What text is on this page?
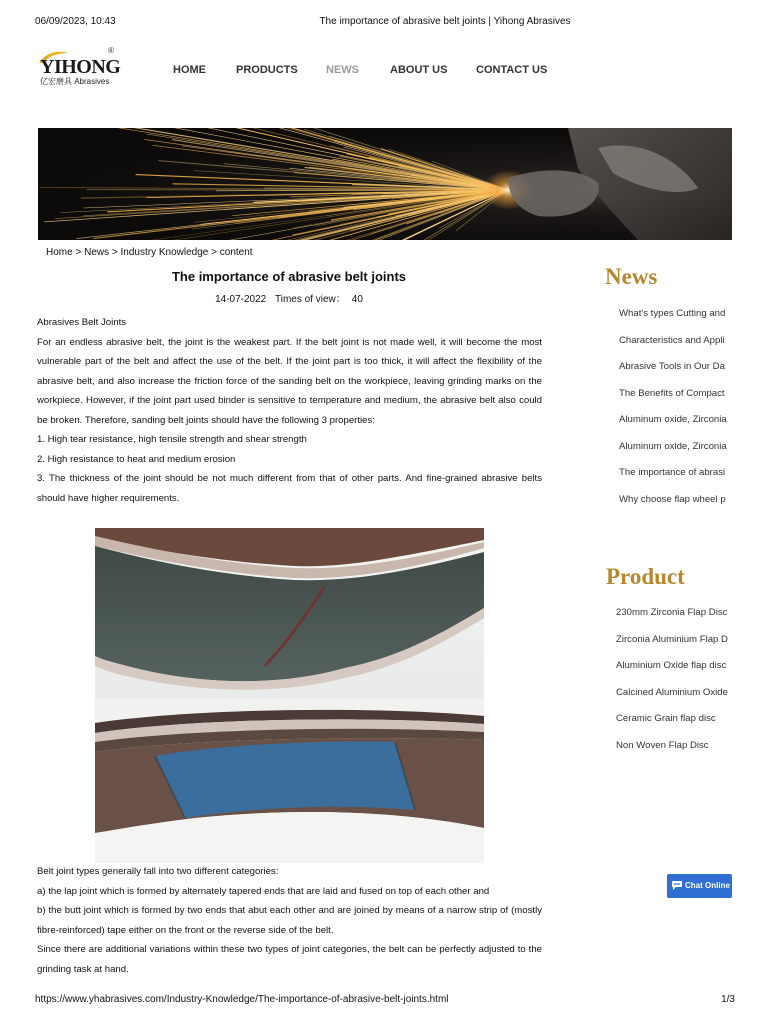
06/09/2023, 10:43	The importance of abrasive belt joints | Yihong Abrasives
YIHONG
®
亿宏磨具 Abrasives
HOME	PRODUCTS	NEWS	ABOUT US	CONTACT US
Home > News > Industry Knowledge > content
The importance of abrasive belt joints
14-07-2022 Times of view： 40

Abrasives Belt Joints

For an endless abrasive belt, the joint is the weakest part. If the belt joint is not made well, it will become the most vulnerable part of the belt and affect the use of the belt. If the joint part is too thick, it will affect the flexibility of the abrasive belt, and also increase the friction force of the sanding belt on the workpiece, leaving grinding marks on the workpiece. However, if the joint part used binder is sensitive to temperature and medium, the abrasive belt also could be broken. Therefore, sanding belt joints should have the following 3 properties:

1. High tear resistance, high tensile strength and shear strength

2. High resistance to heat and medium erosion

3. The thickness of the joint should be not much different from that of other parts. And fine-grained abrasive belts should have higher requirements.

Belt joint types generally fall into two different categories:

a) the lap joint which is formed by alternately tapered ends that are laid and fused on top of each other and

b) the butt joint which is formed by two ends that abut each other and are joined by means of a narrow strip of (mostly fibre-reinforced) tape either on the front or the reverse side of the belt.

Since there are additional variations within these two types of joint categories, the belt can be perfectly adjusted to the grinding task at hand.

News
What's types Cutting and
Characteristics and Appli
Abrasive Tools in Our Da
The Benefits of Compact
Aluminum oxide, Zirconia
Aluminum oxide, Zirconia
The importance of abrasi
Why choose flap wheel p
Product
230mm Zirconia Flap Disc
Zirconia Aluminium Flap D
Aluminium Oxide flap disc
Calcined Aluminium Oxide
Ceramic Grain flap disc
Non Woven Flap Disc
Chat Online
https://www.yhabrasives.com/Industry-Knowledge/The-importance-of-abrasive-belt-joints.html	1/3
